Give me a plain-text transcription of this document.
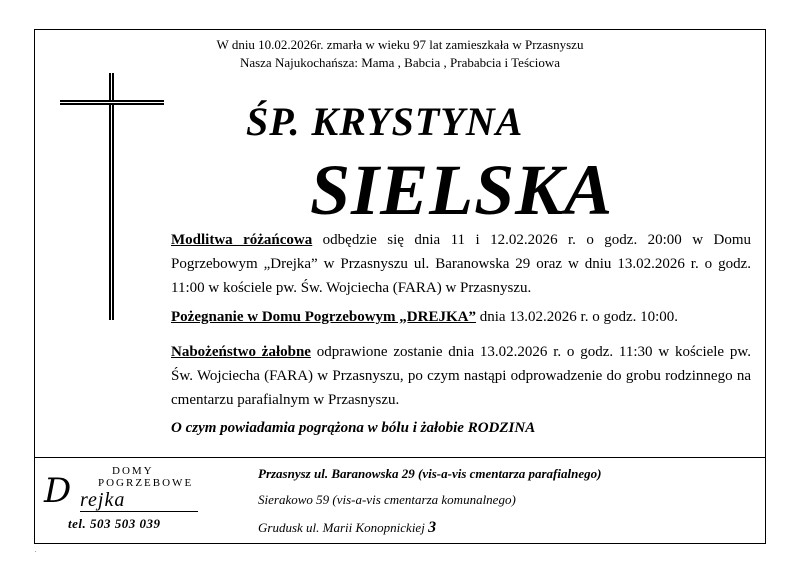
W dniu 10.02.2026r. zmarła w wieku 97 lat zamieszkała w Przasnyszu
Nasza Najukochańsza: Mama , Babcia , Prababcia i Teściowa
ŚP. KRYSTYNA
SIELSKA
Modlitwa różańcowa odbędzie się dnia 11 i 12.02.2026 r. o godz. 20:00 w Domu Pogrzebowym „Drejka” w Przasnyszu ul. Baranowska 29 oraz w dniu 13.02.2026 r. o godz. 11:00 w kościele pw. Św. Wojciecha (FARA) w Przasnyszu.
Pożegnanie w Domu Pogrzebowym „DREJKA” dnia 13.02.2026 r. o godz. 10:00.
Nabożeństwo żałobne odprawione zostanie dnia 13.02.2026 r. o godz. 11:30 w kościele pw. Św. Wojciecha (FARA) w Przasnyszu, po czym nastąpi odprowadzenie do grobu rodzinnego na cmentarzu parafialnym w Przasnyszu.
O czym powiadamia pogrążona w bólu i żałobie RODZINA
DOMY
POGRZEBOWE
D rejka
tel. 503 503 039
Przasnysz ul. Baranowska 29 (vis-a-vis cmentarza parafialnego)
Sierakowo 59 (vis-a-vis cmentarza komunalnego)
Grudusk ul. Marii Konopnickiej 3
.
